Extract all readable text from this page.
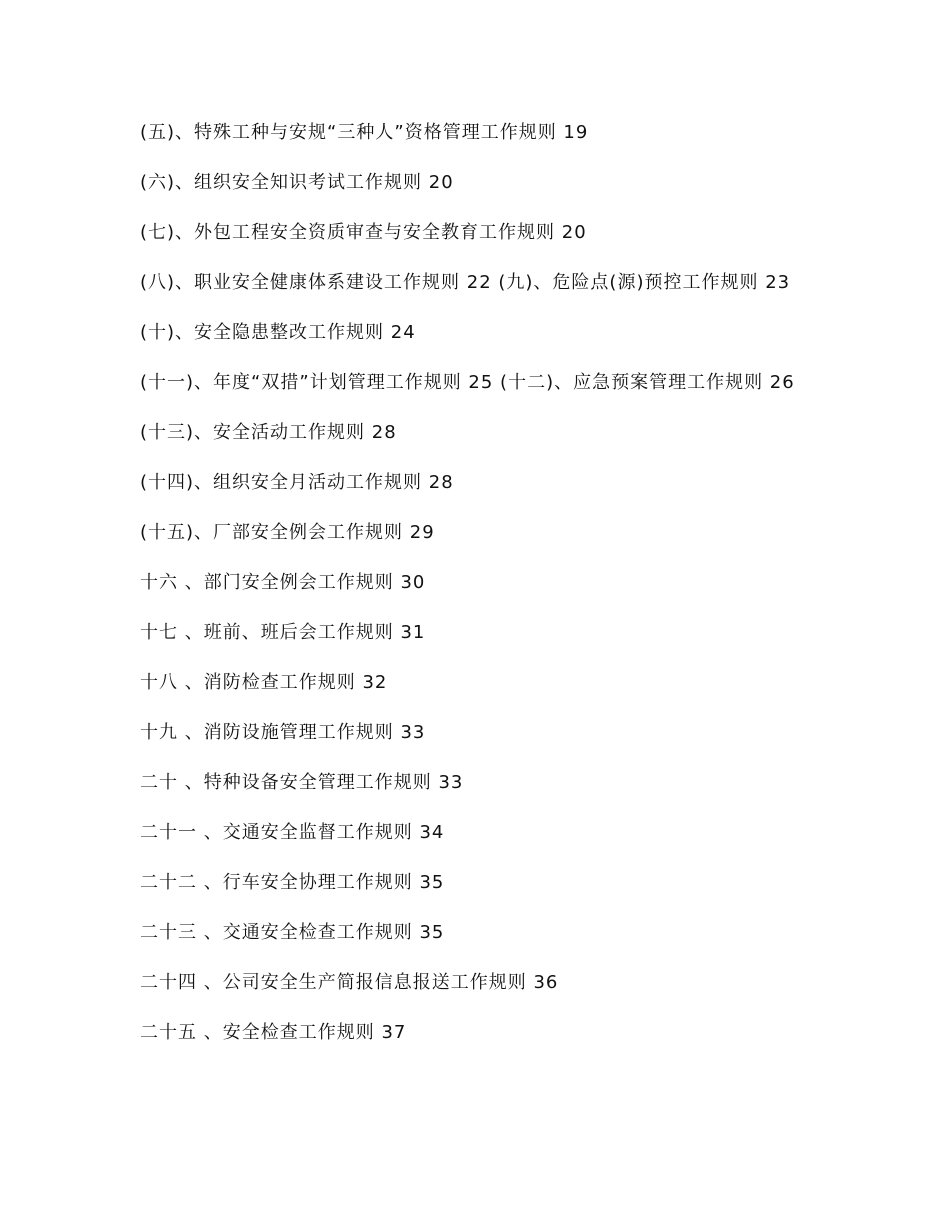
(五)、特殊工种与安规“三种人”资格管理工作规则 19
(六)、组织安全知识考试工作规则 20
(七)、外包工程安全资质审查与安全教育工作规则 20
(八)、职业安全健康体系建设工作规则 22 (九)、危险点(源)预控工作规则 23
(十)、安全隐患整改工作规则 24
(十一)、年度“双措”计划管理工作规则 25 (十二)、应急预案管理工作规则 26
(十三)、安全活动工作规则 28
(十四)、组织安全月活动工作规则 28
(十五)、厂部安全例会工作规则 29
十六 、部门安全例会工作规则 30
十七 、班前、班后会工作规则 31
十八 、消防检查工作规则 32
十九 、消防设施管理工作规则 33
二十 、特种设备安全管理工作规则 33
二十一 、交通安全监督工作规则 34
二十二 、行车安全协理工作规则 35
二十三 、交通安全检查工作规则 35
二十四 、公司安全生产简报信息报送工作规则 36
二十五 、安全检查工作规则 37
